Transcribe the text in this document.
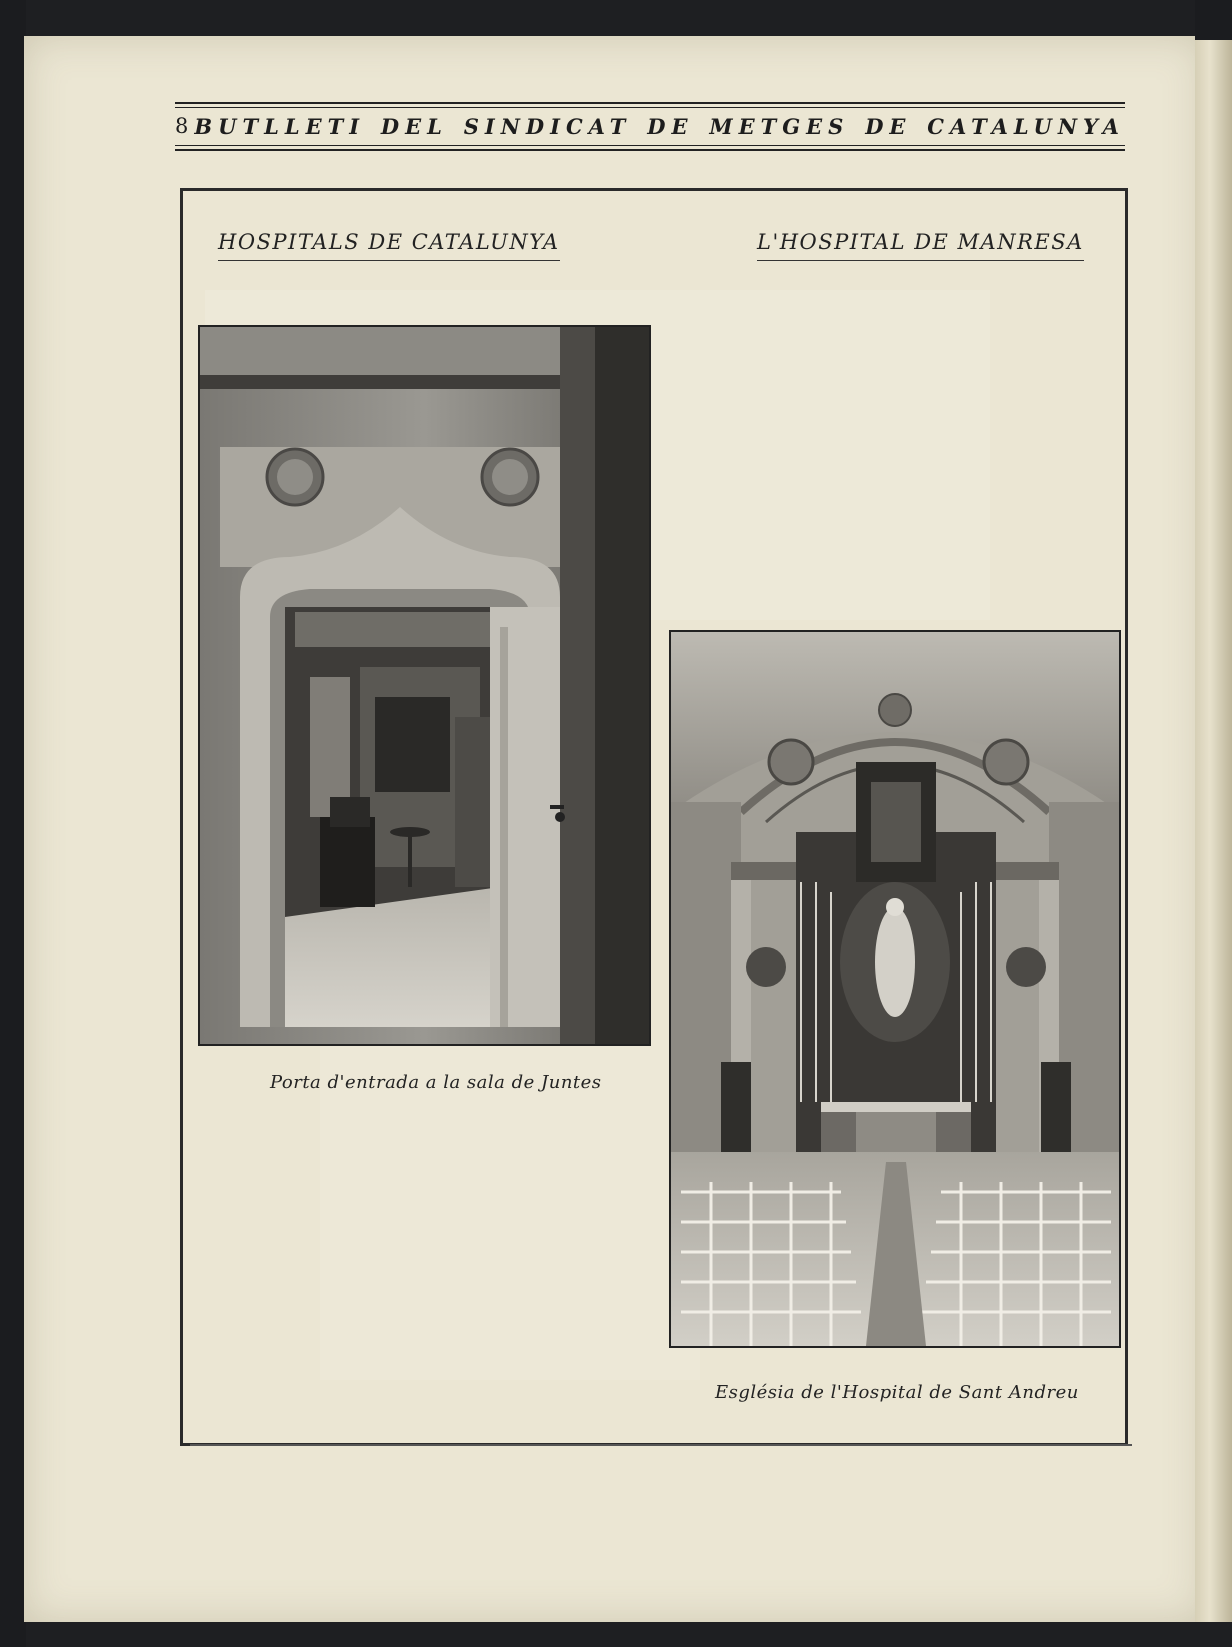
8 BUTLLETI DEL SINDICAT DE METGES DE CATALUNYA
HOSPITALS DE CATALUNYA	L'HOSPITAL DE MANRESA
Porta d'entrada a la sala de Juntes
Església de l'Hospital de Sant Andreu
